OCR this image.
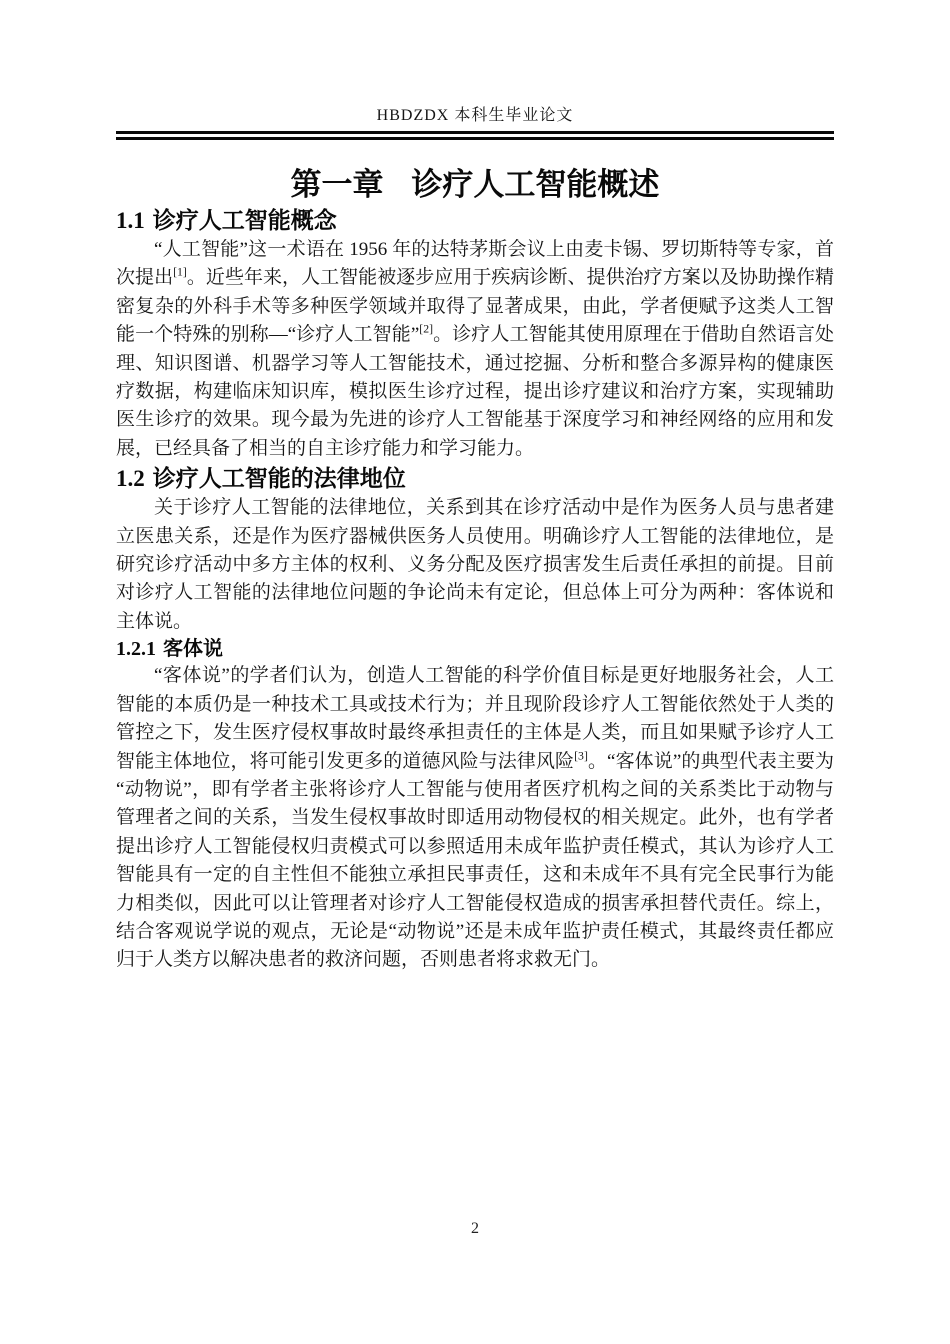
HBDZDX 本科生毕业论文
第一章 诊疗人工智能概述
1.1 诊疗人工智能概念

“人工智能”这一术语在 1956 年的达特茅斯会议上由麦卡锡、罗切斯特等专家，首次提出[1]。近些年来，人工智能被逐步应用于疾病诊断、提供治疗方案以及协助操作精密复杂的外科手术等多种医学领域并取得了显著成果，由此，学者便赋予这类人工智能一个特殊的别称—“诊疗人工智能”[2]。诊疗人工智能其使用原理在于借助自然语言处理、知识图谱、机器学习等人工智能技术，通过挖掘、分析和整合多源异构的健康医疗数据，构建临床知识库，模拟医生诊疗过程，提出诊疗建议和治疗方案，实现辅助医生诊疗的效果。现今最为先进的诊疗人工智能基于深度学习和神经网络的应用和发展，已经具备了相当的自主诊疗能力和学习能力。

1.2 诊疗人工智能的法律地位

关于诊疗人工智能的法律地位，关系到其在诊疗活动中是作为医务人员与患者建立医患关系，还是作为医疗器械供医务人员使用。明确诊疗人工智能的法律地位，是研究诊疗活动中多方主体的权利、义务分配及医疗损害发生后责任承担的前提。目前对诊疗人工智能的法律地位问题的争论尚未有定论，但总体上可分为两种：客体说和主体说。

1.2.1 客体说

“客体说”的学者们认为，创造人工智能的科学价值目标是更好地服务社会，人工智能的本质仍是一种技术工具或技术行为；并且现阶段诊疗人工智能依然处于人类的管控之下，发生医疗侵权事故时最终承担责任的主体是人类，而且如果赋予诊疗人工智能主体地位，将可能引发更多的道德风险与法律风险[3]。“客体说”的典型代表主要为“动物说”，即有学者主张将诊疗人工智能与使用者医疗机构之间的关系类比于动物与管理者之间的关系，当发生侵权事故时即适用动物侵权的相关规定。此外，也有学者提出诊疗人工智能侵权归责模式可以参照适用未成年监护责任模式，其认为诊疗人工智能具有一定的自主性但不能独立承担民事责任，这和未成年不具有完全民事行为能力相类似，因此可以让管理者对诊疗人工智能侵权造成的损害承担替代责任。综上，结合客观说学说的观点，无论是“动物说”还是未成年监护责任模式，其最终责任都应归于人类方以解决患者的救济问题，否则患者将求救无门。

2
